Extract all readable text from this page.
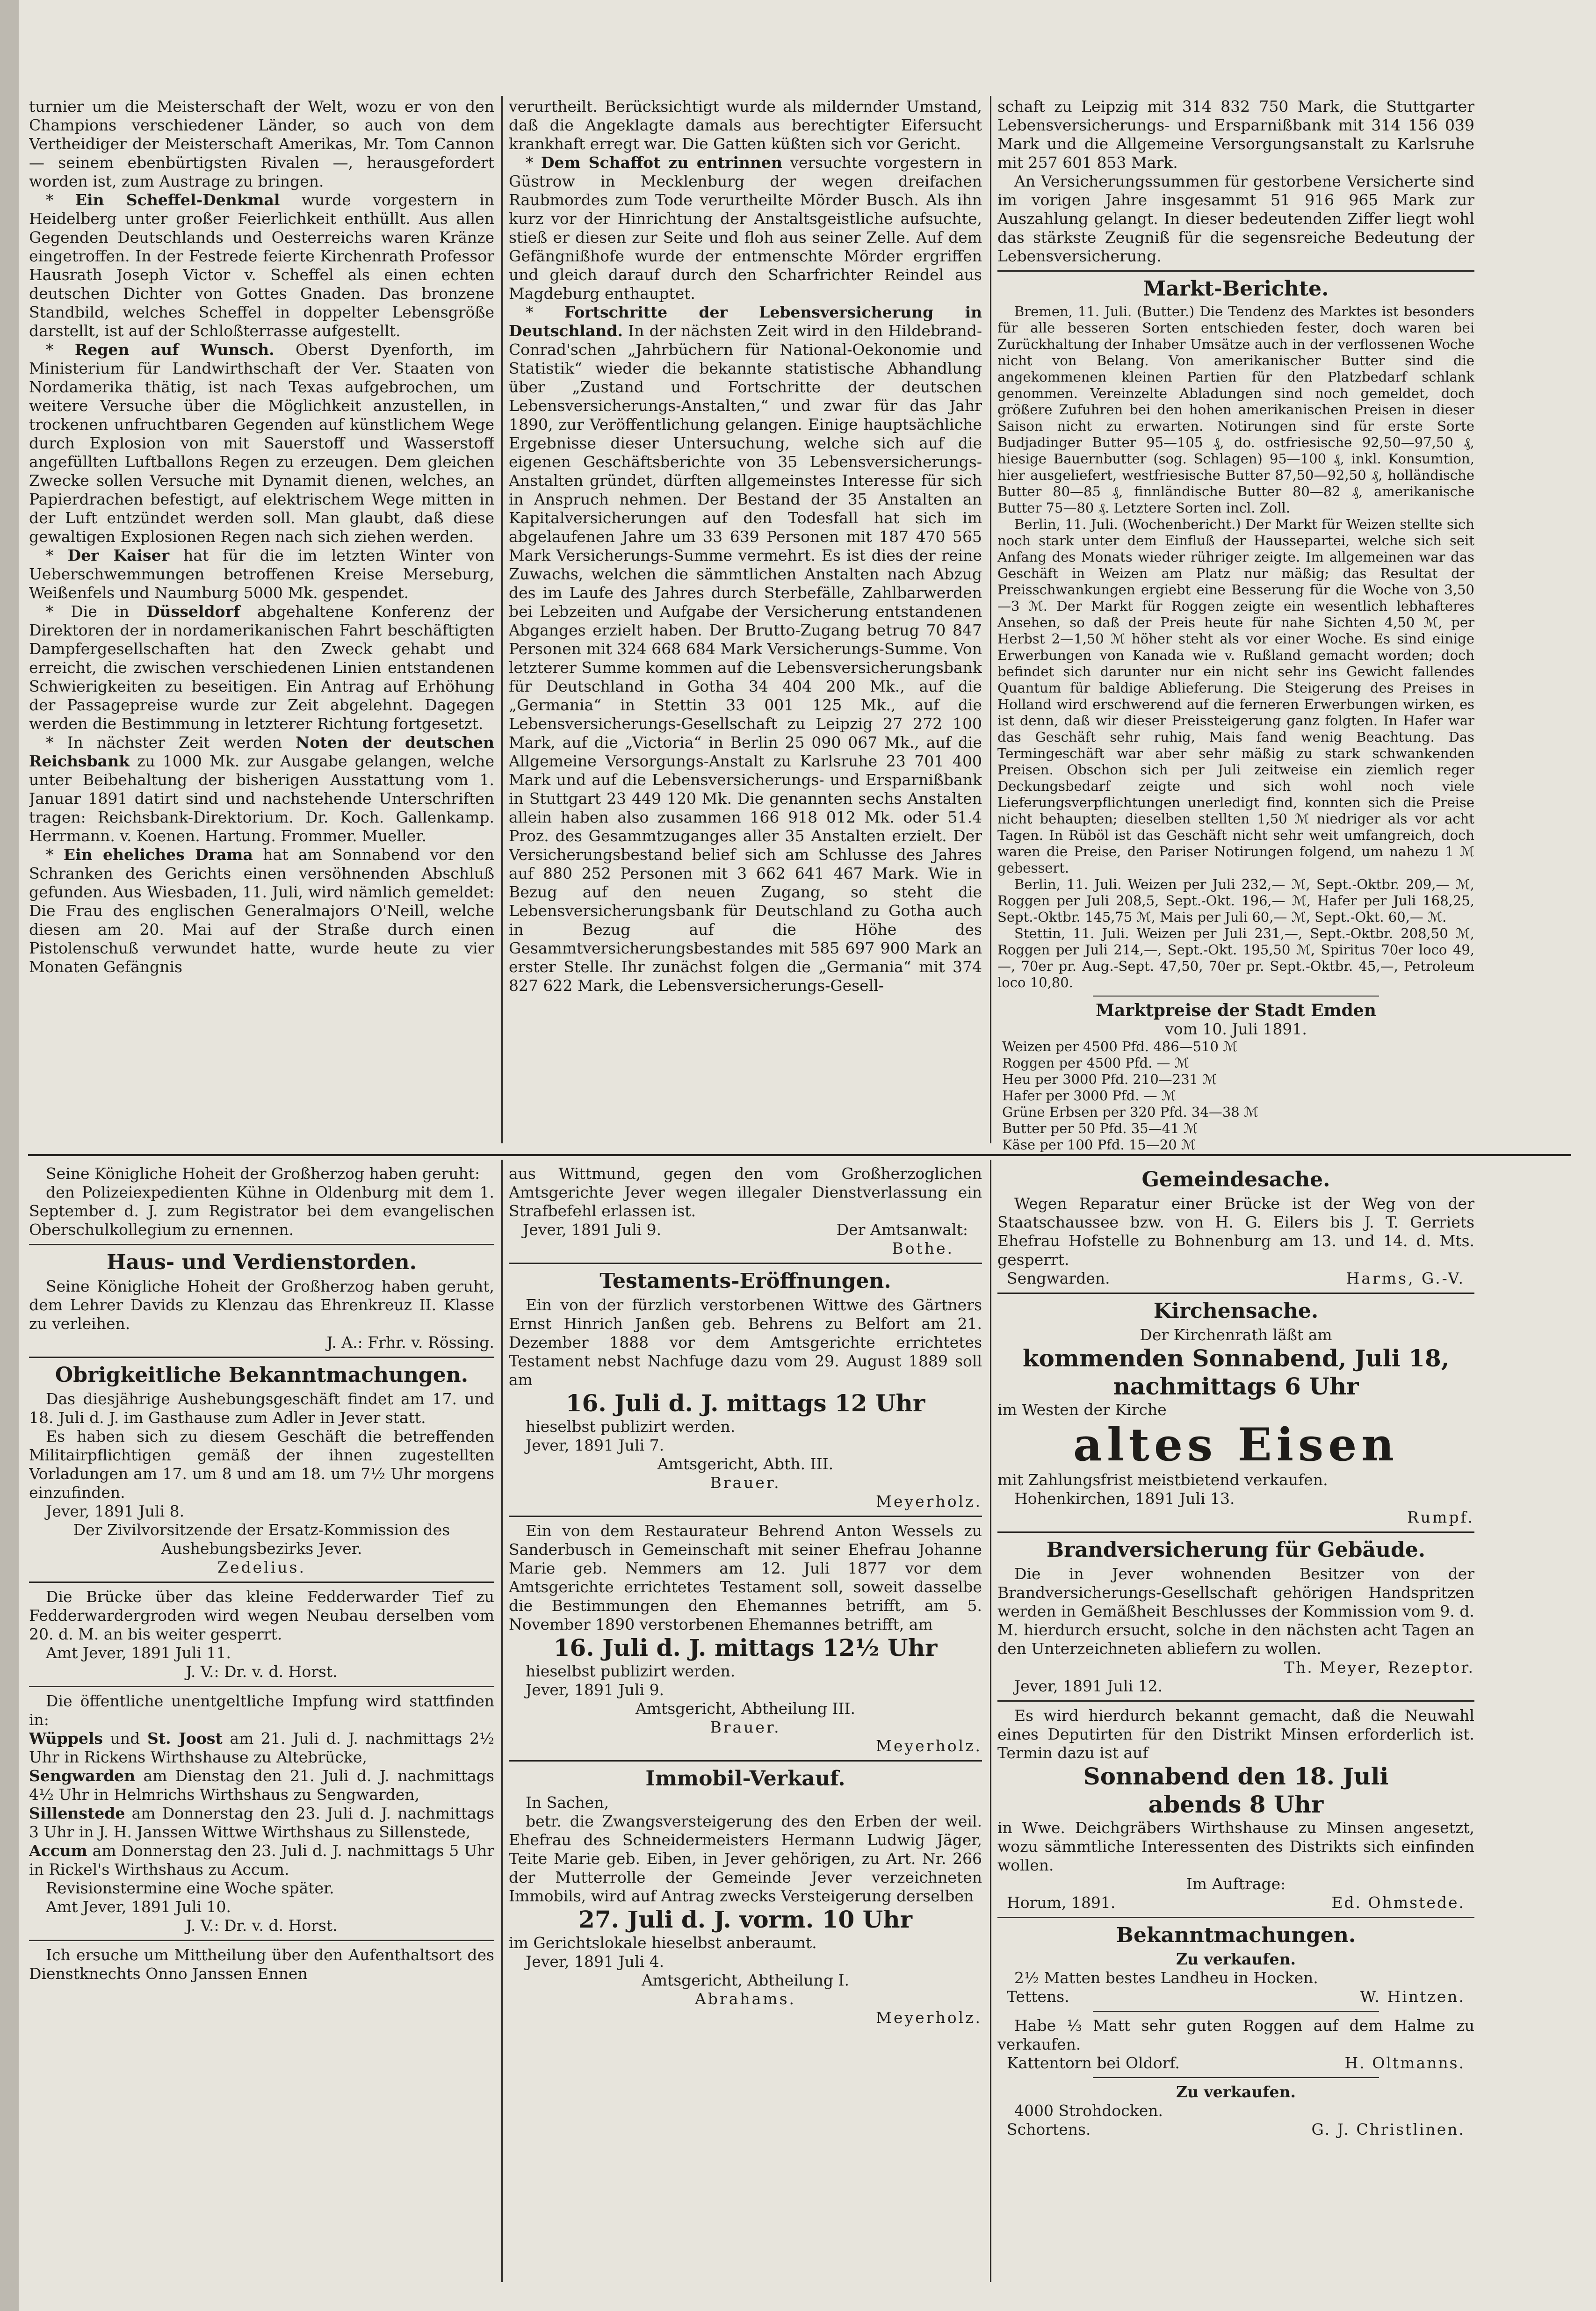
turnier um die Meisterschaft der Welt, wozu er von den Champions verschiedener Länder, so auch von dem Vertheidiger der Meisterschaft Amerikas, Mr. Tom Cannon — seinem ebenbürtigsten Rivalen —, herausgefordert worden ist, zum Austrage zu bringen.

* Ein Scheffel-Denkmal wurde vorgestern in Heidelberg unter großer Feierlichkeit enthüllt. Aus allen Gegenden Deutschlands und Oesterreichs waren Kränze eingetroffen. In der Festrede feierte Kirchenrath Professor Hausrath Joseph Victor v. Scheffel als einen echten deutschen Dichter von Gottes Gnaden. Das bronzene Standbild, welches Scheffel in doppelter Lebensgröße darstellt, ist auf der Schloßterrasse aufgestellt.

* Regen auf Wunsch. Oberst Dyenforth, im Ministerium für Landwirthschaft der Ver. Staaten von Nordamerika thätig, ist nach Texas aufgebrochen, um weitere Versuche über die Möglichkeit anzustellen, in trockenen unfruchtbaren Gegenden auf künstlichem Wege durch Explosion von mit Sauerstoff und Wasserstoff angefüllten Luftballons Regen zu erzeugen. Dem gleichen Zwecke sollen Versuche mit Dynamit dienen, welches, an Papierdrachen befestigt, auf elektrischem Wege mitten in der Luft entzündet werden soll. Man glaubt, daß diese gewaltigen Explosionen Regen nach sich ziehen werden.

* Der Kaiser hat für die im letzten Winter von Ueberschwemmungen betroffenen Kreise Merseburg, Weißenfels und Naumburg 5000 Mk. gespendet.

* Die in Düsseldorf abgehaltene Konferenz der Direktoren der in nordamerikanischen Fahrt beschäftigten Dampfergesellschaften hat den Zweck gehabt und erreicht, die zwischen verschiedenen Linien entstandenen Schwierigkeiten zu beseitigen. Ein Antrag auf Erhöhung der Passagepreise wurde zur Zeit abgelehnt. Dagegen werden die Bestimmung in letzterer Richtung fortgesetzt.

* In nächster Zeit werden Noten der deutschen Reichsbank zu 1000 Mk. zur Ausgabe gelangen, welche unter Beibehaltung der bisherigen Ausstattung vom 1. Januar 1891 datirt sind und nachstehende Unterschriften tragen: Reichsbank-Direktorium. Dr. Koch. Gallenkamp. Herrmann. v. Koenen. Hartung. Frommer. Mueller.

* Ein eheliches Drama hat am Sonnabend vor den Schranken des Gerichts einen versöhnenden Abschluß gefunden. Aus Wiesbaden, 11. Juli, wird nämlich gemeldet: Die Frau des englischen Generalmajors O'Neill, welche diesen am 20. Mai auf der Straße durch einen Pistolenschuß verwundet hatte, wurde heute zu vier Monaten Gefängnis

verurtheilt. Berücksichtigt wurde als mildernder Umstand, daß die Angeklagte damals aus berechtigter Eifersucht krankhaft erregt war. Die Gatten küßten sich vor Gericht.

* Dem Schaffot zu entrinnen versuchte vorgestern in Güstrow in Mecklenburg der wegen dreifachen Raubmordes zum Tode verurtheilte Mörder Busch. Als ihn kurz vor der Hinrichtung der Anstaltsgeistliche aufsuchte, stieß er diesen zur Seite und floh aus seiner Zelle. Auf dem Gefängnißhofe wurde der entmenschte Mörder ergriffen und gleich darauf durch den Scharfrichter Reindel aus Magdeburg enthauptet.

* Fortschritte der Lebensversicherung in Deutschland. In der nächsten Zeit wird in den Hildebrand-Conrad'schen „Jahrbüchern für National-Oekonomie und Statistik“ wieder die bekannte statistische Abhandlung über „Zustand und Fortschritte der deutschen Lebensversicherungs-Anstalten,“ und zwar für das Jahr 1890, zur Veröffentlichung gelangen. Einige hauptsächliche Ergebnisse dieser Untersuchung, welche sich auf die eigenen Geschäftsberichte von 35 Lebensversicherungs-Anstalten gründet, dürften allgemeinstes Interesse für sich in Anspruch nehmen. Der Bestand der 35 Anstalten an Kapitalversicherungen auf den Todesfall hat sich im abgelaufenen Jahre um 33 639 Personen mit 187 470 565 Mark Versicherungs-Summe vermehrt. Es ist dies der reine Zuwachs, welchen die sämmtlichen Anstalten nach Abzug des im Laufe des Jahres durch Sterbefälle, Zahlbarwerden bei Lebzeiten und Aufgabe der Versicherung entstandenen Abganges erzielt haben. Der Brutto-Zugang betrug 70 847 Personen mit 324 668 684 Mark Versicherungs-Summe. Von letzterer Summe kommen auf die Lebensversicherungsbank für Deutschland in Gotha 34 404 200 Mk., auf die „Germania“ in Stettin 33 001 125 Mk., auf die Lebensversicherungs-Gesellschaft zu Leipzig 27 272 100 Mark, auf die „Victoria“ in Berlin 25 090 067 Mk., auf die Allgemeine Versorgungs-Anstalt zu Karlsruhe 23 701 400 Mark und auf die Lebensversicherungs- und Ersparnißbank in Stuttgart 23 449 120 Mk. Die genannten sechs Anstalten allein haben also zusammen 166 918 012 Mk. oder 51.4 Proz. des Gesammtzuganges aller 35 Anstalten erzielt. Der Versicherungsbestand belief sich am Schlusse des Jahres auf 880 252 Personen mit 3 662 641 467 Mark. Wie in Bezug auf den neuen Zugang, so steht die Lebensversicherungsbank für Deutschland zu Gotha auch in Bezug auf die Höhe des Gesammtversicherungsbestandes mit 585 697 900 Mark an erster Stelle. Ihr zunächst folgen die „Germania“ mit 374 827 622 Mark, die Lebensversicherungs-Gesell-

schaft zu Leipzig mit 314 832 750 Mark, die Stuttgarter Lebensversicherungs- und Ersparnißbank mit 314 156 039 Mark und die Allgemeine Versorgungsanstalt zu Karlsruhe mit 257 601 853 Mark.

An Versicherungssummen für gestorbene Versicherte sind im vorigen Jahre insgesammt 51 916 965 Mark zur Auszahlung gelangt. In dieser bedeutenden Ziffer liegt wohl das stärkste Zeugniß für die segensreiche Bedeutung der Lebensversicherung.

Markt-Berichte.

Bremen, 11. Juli. (Butter.) Die Tendenz des Marktes ist besonders für alle besseren Sorten entschieden fester, doch waren bei Zurückhaltung der Inhaber Umsätze auch in der verflossenen Woche nicht von Belang. Von amerikanischer Butter sind die angekommenen kleinen Partien für den Platzbedarf schlank genommen. Vereinzelte Abladungen sind noch gemeldet, doch größere Zufuhren bei den hohen amerikanischen Preisen in dieser Saison nicht zu erwarten. Notirungen sind für erste Sorte Budjadinger Butter 95—105 ₰, do. ostfriesische 92,50—97,50 ₰, hiesige Bauernbutter (sog. Schlagen) 95—100 ₰, inkl. Konsumtion, hier ausgeliefert, westfriesische Butter 87,50—92,50 ₰, holländische Butter 80—85 ₰, finnländische Butter 80—82 ₰, amerikanische Butter 75—80 ₰. Letztere Sorten incl. Zoll.

Berlin, 11. Juli. (Wochenbericht.) Der Markt für Weizen stellte sich noch stark unter dem Einfluß der Haussepartei, welche sich seit Anfang des Monats wieder rühriger zeigte. Im allgemeinen war das Geschäft in Weizen am Platz nur mäßig; das Resultat der Preisschwankungen ergiebt eine Besserung für die Woche von 3,50—3 ℳ. Der Markt für Roggen zeigte ein wesentlich lebhafteres Ansehen, so daß der Preis heute für nahe Sichten 4,50 ℳ, per Herbst 2—1,50 ℳ höher steht als vor einer Woche. Es sind einige Erwerbungen von Kanada wie v. Rußland gemacht worden; doch befindet sich darunter nur ein nicht sehr ins Gewicht fallendes Quantum für baldige Ablieferung. Die Steigerung des Preises in Holland wird erschwerend auf die ferneren Erwerbungen wirken, es ist denn, daß wir dieser Preissteigerung ganz folgten. In Hafer war das Geschäft sehr ruhig, Mais fand wenig Beachtung. Das Termingeschäft war aber sehr mäßig zu stark schwankenden Preisen. Obschon sich per Juli zeitweise ein ziemlich reger Deckungsbedarf zeigte und sich wohl noch viele Lieferungsverpflichtungen unerledigt find, konnten sich die Preise nicht behaupten; dieselben stellten 1,50 ℳ niedriger als vor acht Tagen. In Rüböl ist das Geschäft nicht sehr weit umfangreich, doch waren die Preise, den Pariser Notirungen folgend, um nahezu 1 ℳ gebessert.

Berlin, 11. Juli. Weizen per Juli 232,— ℳ, Sept.-Oktbr. 209,— ℳ, Roggen per Juli 208,5, Sept.-Okt. 196,— ℳ, Hafer per Juli 168,25, Sept.-Oktbr. 145,75 ℳ, Mais per Juli 60,— ℳ, Sept.-Okt. 60,— ℳ.

Stettin, 11. Juli. Weizen per Juli 231,—, Sept.-Oktbr. 208,50 ℳ, Roggen per Juli 214,—, Sept.-Okt. 195,50 ℳ, Spiritus 70er loco 49,—, 70er pr. Aug.-Sept. 47,50, 70er pr. Sept.-Oktbr. 45,—, Petroleum loco 10,80.

Marktpreise der Stadt Emden

vom 10. Juli 1891.

Weizen per 4500 Pfd. 486—510 ℳ
Roggen per 4500 Pfd. — ℳ
Heu per 3000 Pfd. 210—231 ℳ
Hafer per 3000 Pfd. — ℳ
Grüne Erbsen per 320 Pfd. 34—38 ℳ
Butter per 50 Pfd. 35—41 ℳ
Käse per 100 Pfd. 15—20 ℳ

Seine Königliche Hoheit der Großherzog haben geruht:

den Polizeiexpedienten Kühne in Oldenburg mit dem 1. September d. J. zum Registrator bei dem evangelischen Oberschulkollegium zu ernennen.

Haus- und Verdienstorden.

Seine Königliche Hoheit der Großherzog haben geruht, dem Lehrer Davids zu Klenzau das Ehrenkreuz II. Klasse zu verleihen.

J. A.: Frhr. v. Rössing.

Obrigkeitliche Bekanntmachungen.

Das diesjährige Aushebungsgeschäft findet am 17. und 18. Juli d. J. im Gasthause zum Adler in Jever statt.

Es haben sich zu diesem Geschäft die betreffenden Militairpflichtigen gemäß der ihnen zugestellten Vorladungen am 17. um 8 und am 18. um 7½ Uhr morgens einzufinden.

Jever, 1891 Juli 8.

Der Zivilvorsitzende der Ersatz-Kommission des Aushebungsbezirks Jever.

Zedelius.

Die Brücke über das kleine Fedderwarder Tief zu Fedderwardergroden wird wegen Neubau derselben vom 20. d. M. an bis weiter gesperrt.

Amt Jever, 1891 Juli 11.

J. V.: Dr. v. d. Horst.

Die öffentliche unentgeltliche Impfung wird stattfinden in:

Wüppels und St. Joost am 21. Juli d. J. nachmittags 2½ Uhr in Rickens Wirthshause zu Altebrücke,

Sengwarden am Dienstag den 21. Juli d. J. nachmittags 4½ Uhr in Helmrichs Wirthshaus zu Sengwarden,

Sillenstede am Donnerstag den 23. Juli d. J. nachmittags 3 Uhr in J. H. Janssen Wittwe Wirthshaus zu Sillenstede,

Accum am Donnerstag den 23. Juli d. J. nachmittags 5 Uhr in Rickel's Wirthshaus zu Accum.

Revisionstermine eine Woche später.

Amt Jever, 1891 Juli 10.

J. V.: Dr. v. d. Horst.

Ich ersuche um Mittheilung über den Aufenthaltsort des Dienstknechts Onno Janssen Ennen

aus Wittmund, gegen den vom Großherzoglichen Amtsgerichte Jever wegen illegaler Dienstverlassung ein Strafbefehl erlassen ist.

Jever, 1891 Juli 9.	Der Amtsanwalt:

Bothe.

Testaments-Eröffnungen.

Ein von der fürzlich verstorbenen Wittwe des Gärtners Ernst Hinrich Janßen geb. Behrens zu Belfort am 21. Dezember 1888 vor dem Amtsgerichte errichtetes Testament nebst Nachfuge dazu vom 29. August 1889 soll am

16. Juli d. J. mittags 12 Uhr

hieselbst publizirt werden.

Jever, 1891 Juli 7.

Amtsgericht, Abth. III.

Brauer.

Meyerholz.

Ein von dem Restaurateur Behrend Anton Wessels zu Sanderbusch in Gemeinschaft mit seiner Ehefrau Johanne Marie geb. Nemmers am 12. Juli 1877 vor dem Amtsgerichte errichtetes Testament soll, soweit dasselbe die Bestimmungen den Ehemannes betrifft, am 5. November 1890 verstorbenen Ehemannes betrifft, am

16. Juli d. J. mittags 12½ Uhr

hieselbst publizirt werden.

Jever, 1891 Juli 9.

Amtsgericht, Abtheilung III.

Brauer.

Meyerholz.

Immobil-Verkauf.

In Sachen,

betr. die Zwangsversteigerung des den Erben der weil. Ehefrau des Schneidermeisters Hermann Ludwig Jäger, Teite Marie geb. Eiben, in Jever gehörigen, zu Art. Nr. 266 der Mutterrolle der Gemeinde Jever verzeichneten Immobils, wird auf Antrag zwecks Versteigerung derselben

27. Juli d. J. vorm. 10 Uhr

im Gerichtslokale hieselbst anberaumt.

Jever, 1891 Juli 4.

Amtsgericht, Abtheilung I.

Abrahams.

Meyerholz.

Gemeindesache.

Wegen Reparatur einer Brücke ist der Weg von der Staatschaussee bzw. von H. G. Eilers bis J. T. Gerriets Ehefrau Hofstelle zu Bohnenburg am 13. und 14. d. Mts. gesperrt.

Sengwarden.	Harms, G.-V.
Kirchensache.

Der Kirchenrath läßt am

kommenden Sonnabend, Juli 18,

nachmittags 6 Uhr

im Westen der Kirche

altes Eisen

mit Zahlungsfrist meistbietend verkaufen.

Hohenkirchen, 1891 Juli 13.

Rumpf.

Brandversicherung für Gebäude.

Die in Jever wohnenden Besitzer von der Brandversicherungs-Gesellschaft gehörigen Handspritzen werden in Gemäßheit Beschlusses der Kommission vom 9. d. M. hierdurch ersucht, solche in den nächsten acht Tagen an den Unterzeichneten abliefern zu wollen.

Th. Meyer, Rezeptor.

Jever, 1891 Juli 12.

Es wird hierdurch bekannt gemacht, daß die Neuwahl eines Deputirten für den Distrikt Minsen erforderlich ist. Termin dazu ist auf

Sonnabend den 18. Juli

abends 8 Uhr

in Wwe. Deichgräbers Wirthshause zu Minsen angesetzt, wozu sämmtliche Interessenten des Distrikts sich einfinden wollen.

Im Auftrage:

Horum, 1891.	Ed. Ohmstede.
Bekanntmachungen.

Zu verkaufen.

2½ Matten bestes Landheu in Hocken.

Tettens.	W. Hintzen.

Habe ⅓ Matt sehr guten Roggen auf dem Halme zu verkaufen.

Kattentorn bei Oldorf.	H. Oltmanns.

Zu verkaufen.

4000 Strohdocken.

Schortens.	G. J. Christlinen.
